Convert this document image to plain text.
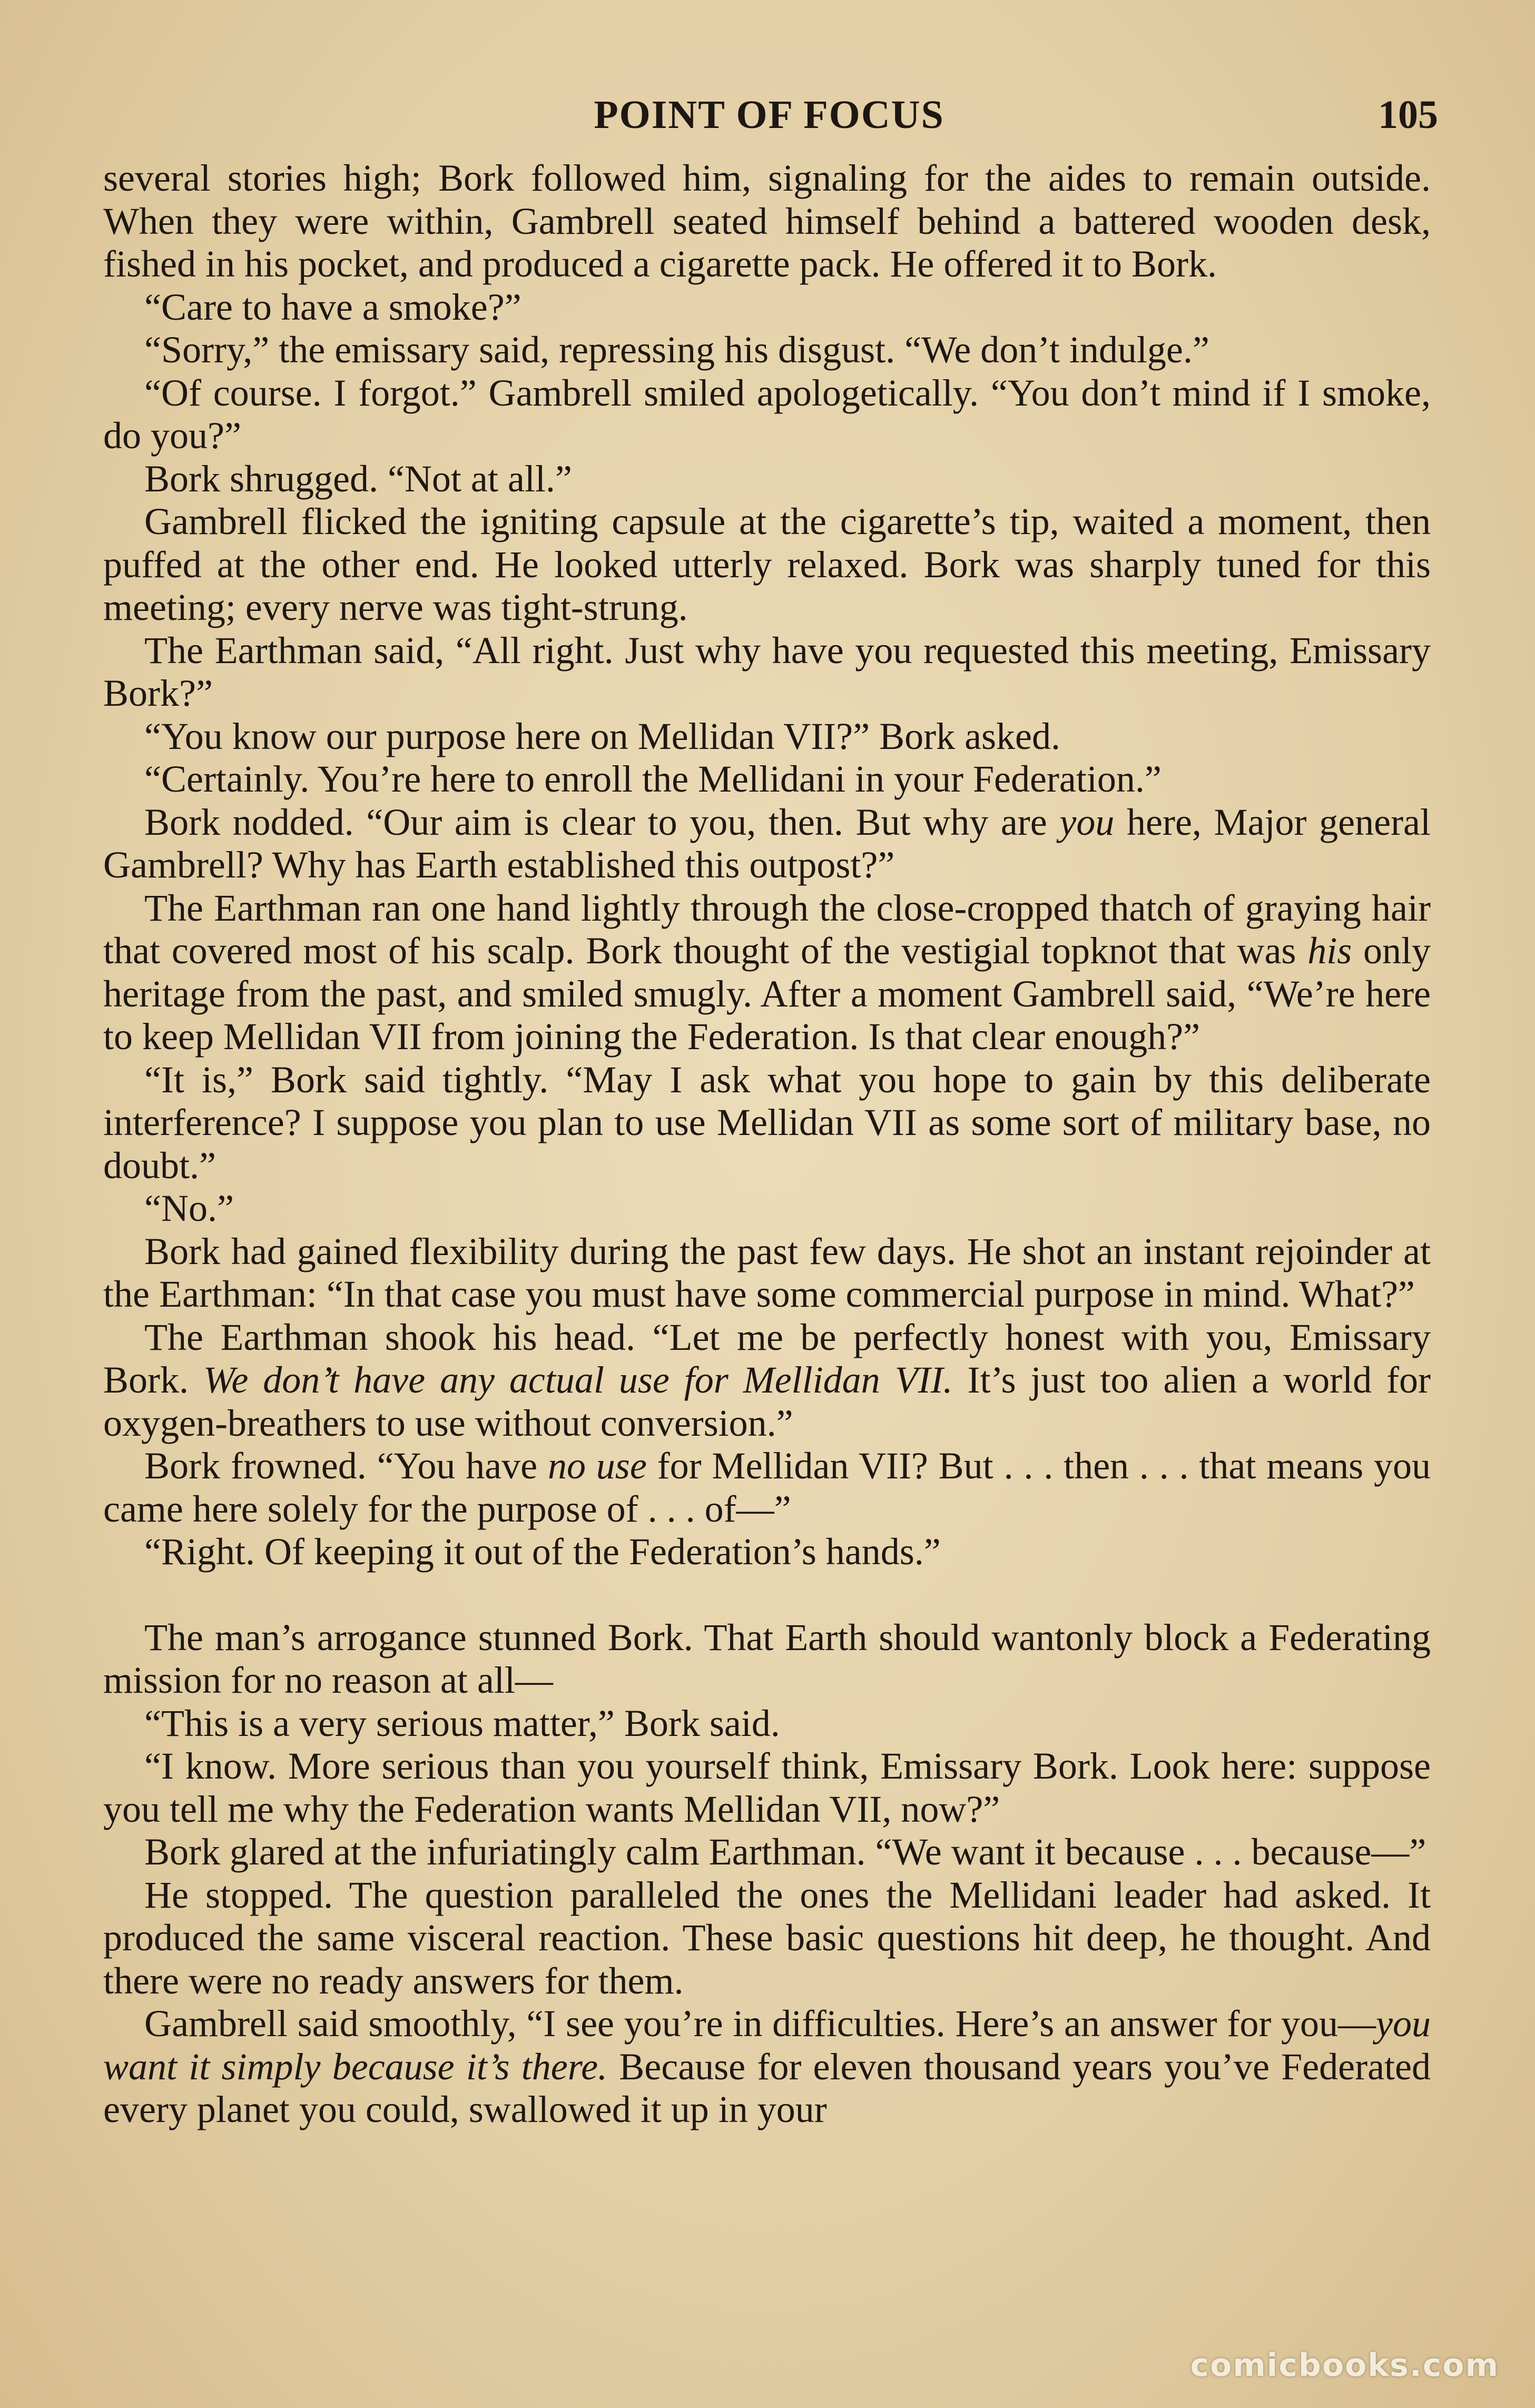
POINT OF FOCUS	105

several stories high; Bork followed him, signaling for the aides to remain outside. When they were within, Gambrell seated himself behind a battered wooden desk, fished in his pocket, and produced a cigarette pack. He offered it to Bork.

“Care to have a smoke?”

“Sorry,” the emissary said, repressing his disgust. “We don’t indulge.”

“Of course. I forgot.” Gambrell smiled apologetically. “You don’t mind if I smoke, do you?”

Bork shrugged. “Not at all.”

Gambrell flicked the igniting capsule at the cigarette’s tip, waited a moment, then puffed at the other end. He looked utterly relaxed. Bork was sharply tuned for this meeting; every nerve was tight-strung.

The Earthman said, “All right. Just why have you requested this meeting, Emissary Bork?”

“You know our purpose here on Mellidan VII?” Bork asked.

“Certainly. You’re here to enroll the Mellidani in your Federation.”

Bork nodded. “Our aim is clear to you, then. But why are you here, Major general Gambrell? Why has Earth established this outpost?”

The Earthman ran one hand lightly through the close-cropped thatch of graying hair that covered most of his scalp. Bork thought of the vestigial topknot that was his only heritage from the past, and smiled smugly. After a moment Gambrell said, “We’re here to keep Mellidan VII from joining the Federation. Is that clear enough?”

“It is,” Bork said tightly. “May I ask what you hope to gain by this deliberate interference? I suppose you plan to use Mellidan VII as some sort of military base, no doubt.”

“No.”

Bork had gained flexibility during the past few days. He shot an instant rejoinder at the Earthman: “In that case you must have some commercial purpose in mind. What?”

The Earthman shook his head. “Let me be perfectly honest with you, Emissary Bork. We don’t have any actual use for Mellidan VII. It’s just too alien a world for oxygen-breathers to use without conversion.”

Bork frowned. “You have no use for Mellidan VII? But . . . then . . . that means you came here solely for the purpose of . . . of—”

“Right. Of keeping it out of the Federation’s hands.”

The man’s arrogance stunned Bork. That Earth should wantonly block a Federating mission for no reason at all—

“This is a very serious matter,” Bork said.

“I know. More serious than you yourself think, Emissary Bork. Look here: suppose you tell me why the Federation wants Mellidan VII, now?”

Bork glared at the infuriatingly calm Earthman. “We want it because . . . because—”

He stopped. The question paralleled the ones the Mellidani leader had asked. It produced the same visceral reaction. These basic questions hit deep, he thought. And there were no ready answers for them.

Gambrell said smoothly, “I see you’re in difficulties. Here’s an answer for you—you want it simply because it’s there. Because for eleven thousand years you’ve Federated every planet you could, swallowed it up in your

comicbooks.com
